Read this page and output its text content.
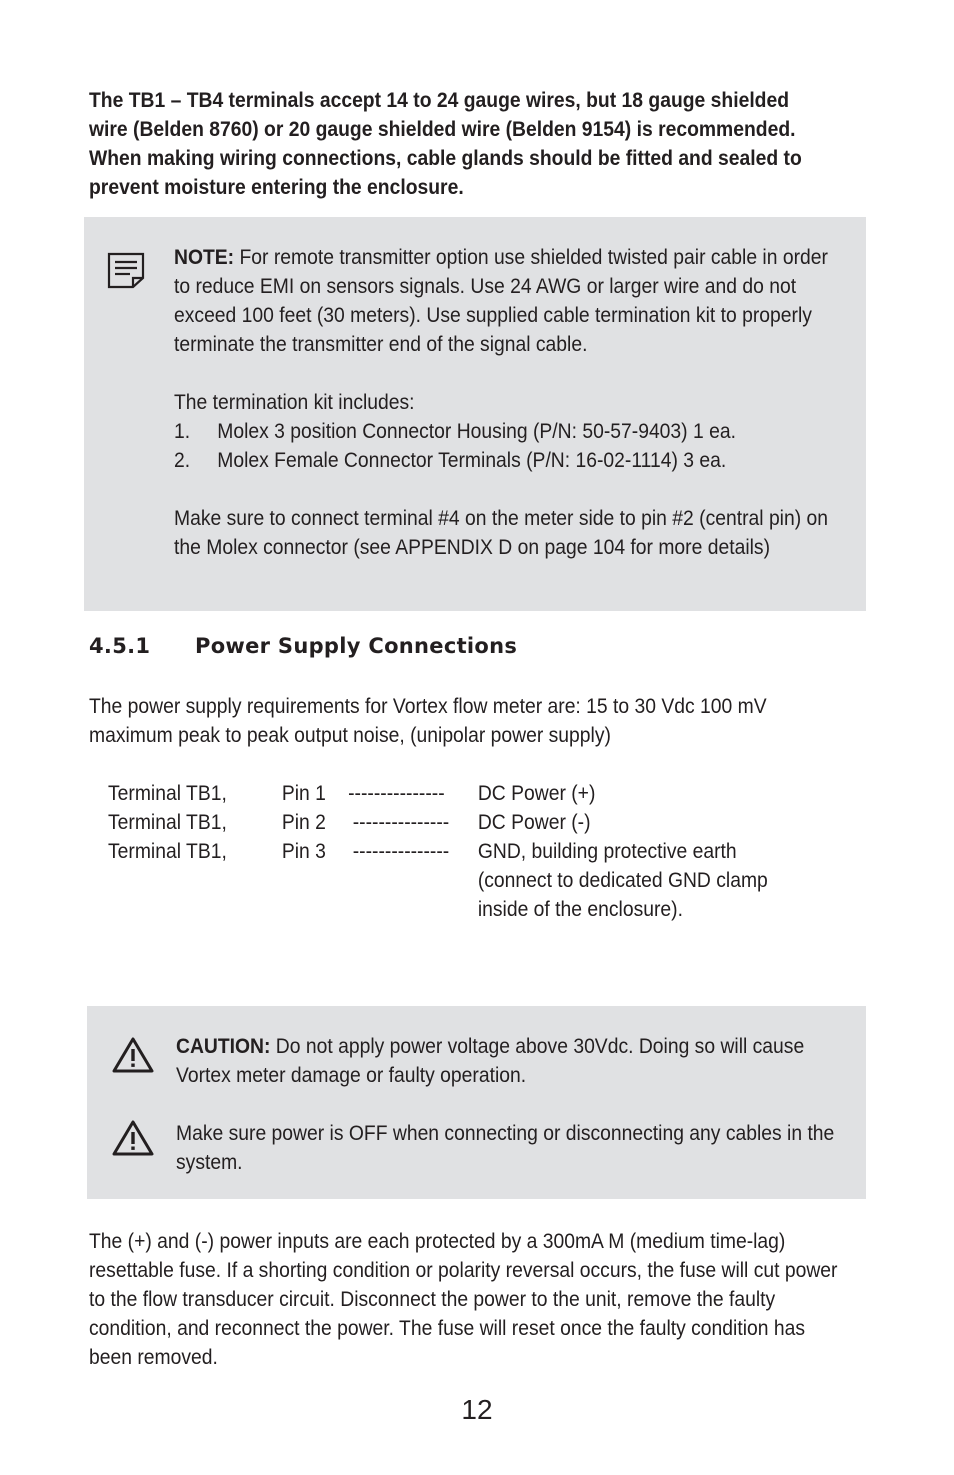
The TB1 – TB4 terminals accept 14 to 24 gauge wires, but 18 gauge shielded wire (Belden 8760) or 20 gauge shielded wire (Belden 9154) is recommended. When making wiring connections, cable glands should be fitted and sealed to prevent moisture entering the enclosure.

NOTE: For remote transmitter option use shielded twisted pair cable in order to reduce EMI on sensors signals. Use 24 AWG or larger wire and do not exceed 100 feet (30 meters). Use supplied cable termination kit to properly terminate the transmitter end of the signal cable.

The termination kit includes:

1.	Molex 3 position Connector Housing (P/N: 50-57-9403) 1 ea.
2.	Molex Female Connector Terminals (P/N: 16-02-1114) 3 ea.

Make sure to connect terminal #4 on the meter side to pin #2 (central pin) on the Molex connector (see APPENDIX D on page 104 for more details)

4.5.1 Power Supply Connections
The power supply requirements for Vortex flow meter are: 15 to 30 Vdc 100 mV maximum peak to peak output noise, (unipolar power supply)
Terminal TB1,	Pin 1 --------------- DC Power (+)
Terminal TB1,	Pin 2 --------------- DC Power (-)
Terminal TB1,	Pin 3 --------------- GND, building protective earth
(connect to dedicated GND clamp
inside of the enclosure).
CAUTION: Do not apply power voltage above 30Vdc. Doing so will cause Vortex meter damage or faulty operation.
Make sure power is OFF when connecting or disconnecting any cables in the system.
The (+) and (-) power inputs are each protected by a 300mA M (medium time-lag) resettable fuse. If a shorting condition or polarity reversal occurs, the fuse will cut power to the flow transducer circuit. Disconnect the power to the unit, remove the faulty condition, and reconnect the power. The fuse will reset once the faulty condition has been removed.
12
